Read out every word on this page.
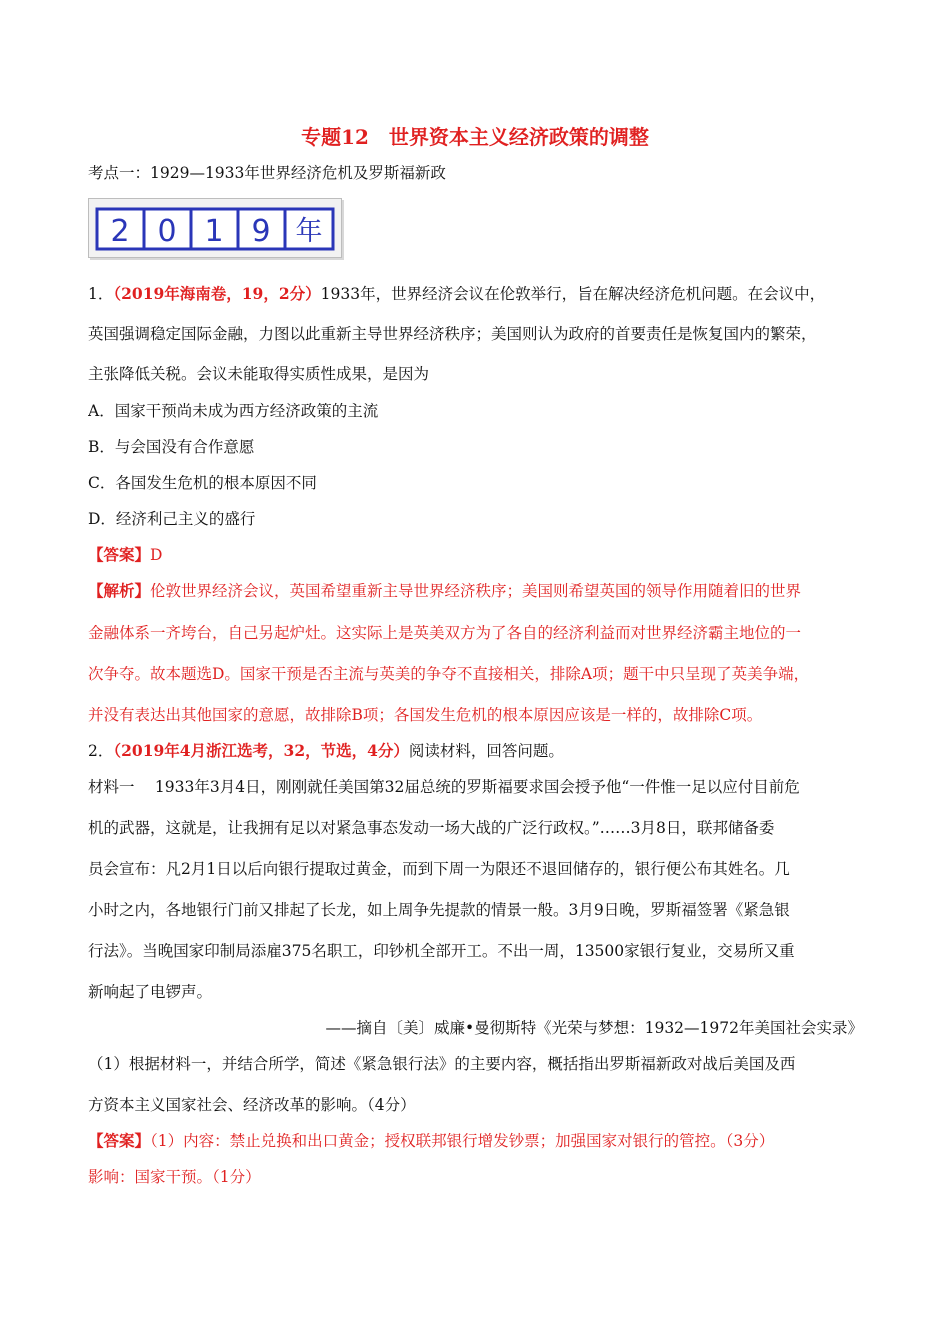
专题12　世界资本主义经济政策的调整
考点一：1929—1933年世界经济危机及罗斯福新政
2 0 1 9 年
1．（2019年海南卷，19，2分）1933年，世界经济会议在伦敦举行，旨在解决经济危机问题。在会议中，
英国强调稳定国际金融，力图以此重新主导世界经济秩序；美国则认为政府的首要责任是恢复国内的繁荣，
主张降低关税。会议未能取得实质性成果，是因为
A．国家干预尚未成为西方经济政策的主流
B．与会国没有合作意愿
C．各国发生危机的根本原因不同
D．经济利己主义的盛行
【答案】D
【解析】伦敦世界经济会议，英国希望重新主导世界经济秩序；美国则希望英国的领导作用随着旧的世界
金融体系一齐垮台，自己另起炉灶。这实际上是英美双方为了各自的经济利益而对世界经济霸主地位的一
次争夺。故本题选D。国家干预是否主流与英美的争夺不直接相关，排除A项；题干中只呈现了英美争端，
并没有表达出其他国家的意愿，故排除B项；各国发生危机的根本原因应该是一样的，故排除C项。
2．（2019年4月浙江选考，32，节选，4分）阅读材料，回答问题。
材料一　 1933年3月4日，刚刚就任美国第32届总统的罗斯福要求国会授予他“一件惟一足以应付目前危
机的武器，这就是，让我拥有足以对紧急事态发动一场大战的广泛行政权。”……3月8日，联邦储备委
员会宣布：凡2月1日以后向银行提取过黄金，而到下周一为限还不退回储存的，银行便公布其姓名。几
小时之内，各地银行门前又排起了长龙，如上周争先提款的情景一般。3月9日晚，罗斯福签署《紧急银
行法》。当晚国家印制局添雇375名职工，印钞机全部开工。不出一周，13500家银行复业，交易所又重
新响起了电锣声。
——摘自〔美〕威廉•曼彻斯特《光荣与梦想：1932—1972年美国社会实录》
（1）根据材料一，并结合所学，简述《紧急银行法》的主要内容，概括指出罗斯福新政对战后美国及西
方资本主义国家社会、经济改革的影响。（4分）
【答案】（1）内容：禁止兑换和出口黄金；授权联邦银行增发钞票；加强国家对银行的管控。（3分）
影响：国家干预。（1分）
